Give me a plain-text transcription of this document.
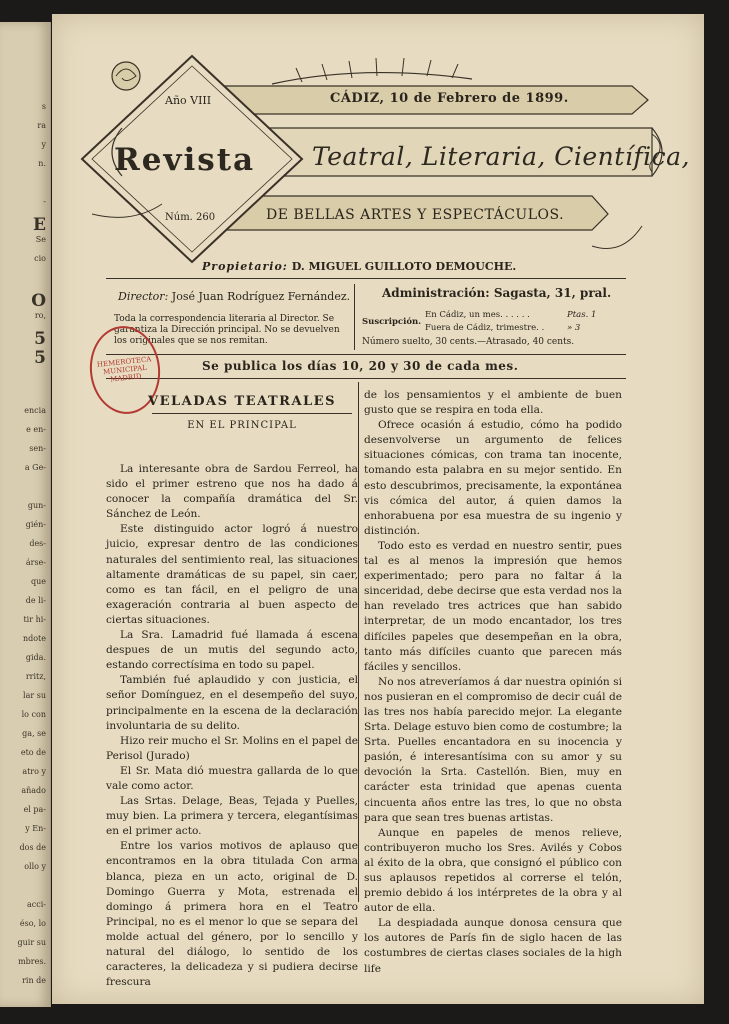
s
ra
y
n.
-
E
Se
cio
O
ro,
5
5
encia
e en-
sen-
a Ge-
gun-
gién-
des-
árse-
que
de li-
tir hi-
ndote
gida.
rritz,
lar su
lo con
ga, se
eto de
atro y
añado
el pa-
y En-
dos de
ollo y
acci-
éso, lo
guir su
mbres.
rin de
Año VIII	CÁDIZ, 10 de Febrero de 1899.
Revista Teatral, Literaria, Científica,
Núm. 260	DE BELLAS ARTES Y ESPECTÁCULOS.
Propietario: D. MIGUEL GUILLOTO DEMOUCHE.
Director: José Juan Rodríguez Fernández.
Toda la correspondencia literaria al Director. Se garantiza la Dirección principal. No se devuelven los originales que se nos remitan.
Administración: Sagasta, 31, pral.
Suscripción.
En Cádiz, un mes. . . . . .	Ptas. 1
Fuera de Cádiz, trimestre. .	» 3
Número suelto, 30 cents.—Atrasado, 40 cents.
HEMEROTECA MUNICIPAL MADRID
Se publica los días 10, 20 y 30 de cada mes.
VELADAS TEATRALES
EN EL PRINCIPAL

La interesante obra de Sardou Ferreol, ha sido el primer estreno que nos ha dado á conocer la compañía dramática del Sr. Sánchez de León.

Este distinguido actor logró á nuestro juicio, expresar dentro de las condiciones naturales del sentimiento real, las situaciones altamente dramáticas de su papel, sin caer, como es tan fácil, en el peligro de una exageración contraria al buen aspecto de ciertas situaciones.

La Sra. Lamadrid fué llamada á escena despues de un mutis del segundo acto, estando correctísima en todo su papel.

También fué aplaudido y con justicia, el señor Domínguez, en el desempeño del suyo, principalmente en la escena de la declaración involuntaria de su delito.

Hizo reir mucho el Sr. Molins en el papel de Perisol (Jurado)

El Sr. Mata dió muestra gallarda de lo que vale como actor.

Las Srtas. Delage, Beas, Tejada y Puelles, muy bien. La primera y tercera, elegantísimas en el primer acto.

Entre los varios motivos de aplauso que encontramos en la obra titulada Con arma blanca, pieza en un acto, original de D. Domingo Guerra y Mota, estrenada el domingo á primera hora en el Teatro Principal, no es el menor lo que se separa del molde actual del género, por lo sencillo y natural del diálogo, lo sentido de los caracteres, la delicadeza y si pudiera decirse frescura

de los pensamientos y el ambiente de buen gusto que se respira en toda ella.

Ofrece ocasión á estudio, cómo ha podido desenvolverse un argumento de felices situaciones cómicas, con trama tan inocente, tomando esta palabra en su mejor sentido. En esto descubrimos, precisamente, la expontánea vis cómica del autor, á quien damos la enhorabuena por esa muestra de su ingenio y distinción.

Todo esto es verdad en nuestro sentir, pues tal es al menos la impresión que hemos experimentado; pero para no faltar á la sinceridad, debe decirse que esta verdad nos la han revelado tres actrices que han sabido interpretar, de un modo encantador, los tres difíciles papeles que desempeñan en la obra, tanto más difíciles cuanto que parecen más fáciles y sencillos.

No nos atreveríamos á dar nuestra opinión si nos pusieran en el compromiso de decir cuál de las tres nos había parecido mejor. La elegante Srta. Delage estuvo bien como de costumbre; la Srta. Puelles encantadora en su inocencia y pasión, é interesantísima con su amor y su devoción la Srta. Castellón. Bien, muy en carácter esta trinidad que apenas cuenta cincuenta años entre las tres, lo que no obsta para que sean tres buenas artistas.

Aunque en papeles de menos relieve, contribuyeron mucho los Sres. Avilés y Cobos al éxito de la obra, que consignó el público con sus aplausos repetidos al correrse el telón, premio debido á los intérpretes de la obra y al autor de ella.

La despiadada aunque donosa censura que los autores de París fin de siglo hacen de las costumbres de ciertas clases sociales de la high life
